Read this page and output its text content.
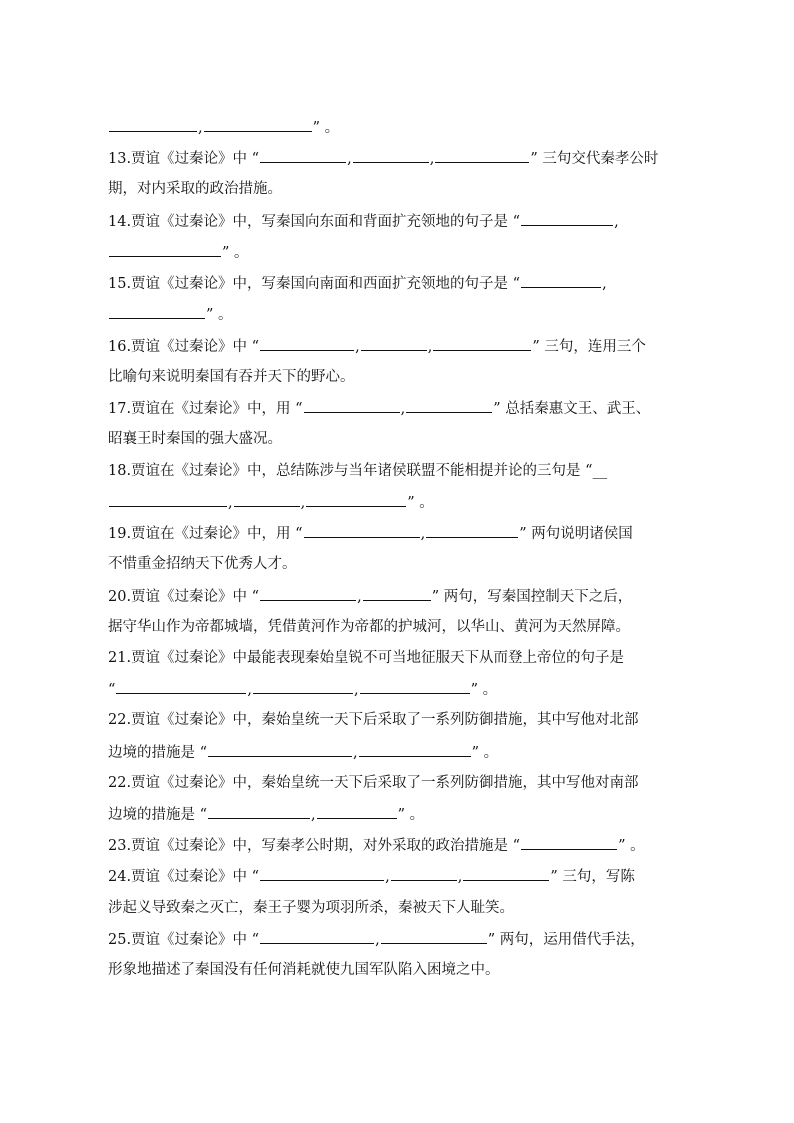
,	” 。
13.贾谊《过秦论》中 “	,	,	” 三句交代秦孝公时
期，对内采取的政治措施。
14.贾谊《过秦论》中，写秦国向东面和背面扩充领地的句子是 “	,
” 。
15.贾谊《过秦论》中，写秦国向南面和西面扩充领地的句子是 “	,
” 。
16.贾谊《过秦论》中 “	,	,	” 三句，连用三个
比喻句来说明秦国有吞并天下的野心。
17.贾谊在《过秦论》中，用 “	,	” 总括秦惠文王、武王、
昭襄王时秦国的强大盛况。
18.贾谊在《过秦论》中，总结陈涉与当年诸侯联盟不能相提并论的三句是 “__
,	,	” 。
19.贾谊在《过秦论》中，用 “	,	” 两句说明诸侯国
不惜重金招纳天下优秀人才。
20.贾谊《过秦论》中 “	,	” 两句，写秦国控制天下之后，
据守华山作为帝都城墙，凭借黄河作为帝都的护城河，以华山、黄河为天然屏障。
21.贾谊《过秦论》中最能表现秦始皇锐不可当地征服天下从而登上帝位的句子是
“	,	,	” 。
22.贾谊《过秦论》中，秦始皇统一天下后采取了一系列防御措施，其中写他对北部
边境的措施是 “	,	” 。
22.贾谊《过秦论》中，秦始皇统一天下后采取了一系列防御措施，其中写他对南部
边境的措施是 “	,	” 。
23.贾谊《过秦论》中，写秦孝公时期，对外采取的政治措施是 “	” 。
24.贾谊《过秦论》中 “	,	,	” 三句，写陈
涉起义导致秦之灭亡，秦王子婴为项羽所杀，秦被天下人耻笑。
25.贾谊《过秦论》中 “	,	” 两句，运用借代手法，
形象地描述了秦国没有任何消耗就使九国军队陷入困境之中。
